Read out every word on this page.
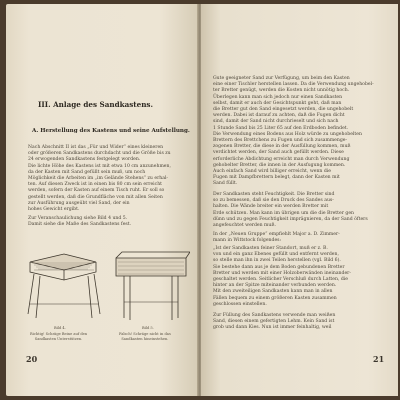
III. Anlage des Sandkastens.
A. Herstellung des Kastens und seine Aufstellung.
Nach Abschnitt II ist das „Für und Wider“ eines kleineren
oder größeren Sandkastens durchdacht und die Größe bis zu
24 erwogenden Sandkastens festgelegt worden.
Die lichte Höhe des Kastens ist mit etwa 10 cm anzunehmen,
da der Kasten mit Sand gefüllt sein muß, um noch
Möglichkeit die Arbeiten im „im Gelände Stehens“ zu erhal-
ten. Auf diesen Zweck ist in einen bis 80 cm sein erreicht
werden, sofern der Kasten auf einem Tisch ruht. Er soll so
gestellt werden, daß die Grundfläche von mit allen Seiten
zur Ausführung ausgeübt viel Sand, der ein
hohes Gewicht ergibt.
Zur Veranschaulichung siehe Bild 4 und 5.
Damit siehe die Maße des Sandkastens fest.
Bild 4.
Richtig! Schräge Beine auf den
Sandkasten Unterstützen.
Bild 5.
Falsch! Schräge nicht in das
Sandkasten hineinstehen.
20
Gute geeigneter Sand zur Verfügung, um beim den Kasten
eine einer Tischler herstellen lassen. Da die Verwendung ungehobel-
ter Bretter genügt, werden die Kosten nicht unnötig hoch.
Überlegen kann man sich jedoch nur einen Sandkasten
selbst, damit er auch der Gesichtspunkt geht, daß man
die Bretter gut den Sand eingesetzt werden, die ungehobelt
werden. Dabei ist darauf zu achten, daß die Fugen dicht
sind, damit der Sand nicht durchrieselt und sich nach
1 Stunde Sand bis 25 Liter 65 auf den Erdboden befindet.
Die Verwendung eines Bodens aus Holz würde zu ungehobelten
Brettern des Brettchens zu Fugen und sich zusammenge-
zogenen Bretter, die diese in der Ausfüllung kommen, muß
verdichtet werden, der Sand auch gefüllt werden. Diese
erforderliche Abdichtung erreicht man durch Verwendung
gehobelter Bretter, die innen in der Ausfugung kommen.
Auch einfach Sand wird billiger erreicht, wenn die
Fugen mit Dampfbrettern belegt, dann der Kasten mit
Sand füllt.
Der Sandkasten steht Feuchtigkeit. Die Bretter sind
so zu bemessen, daß sie den Druck des Sandes aus-
halten. Die Wände breiter ein werden Bretter mit
Erde schützen. Man kann im übrigen um die die Bretter gen
dünn und zu gegen Feuchtigkeit imprägnieren, da der Sand öfters
angefeuchtet werden muß.
In der „Neuen Gruppe“ empfiehlt Major a. D. Zimmer-
mann in Wittstock folgendes:
„Ist der Sandkasten feiner Standort, muß er z. B.
von und ein ganz Ebenes gefüllt und entfernt werden,
so stelle man ihn in zwei Teilen herstellen (vgl. Bild 6).
Sie bestehe dann aus je dem Boden gebundenen Bretter
Bretter und werden mit einer Holzoberwänden ineinander-
geschaltet werden. Seitlicher Verschluß durch Latten, die
hinter an der Spitze miteinander verbunden werden.
Mit den zweiteiligen Sandkasten kann man in allen
Fällen bequem zu einem größeren Kasten zusammen
geschlossen einstellen.
Zur Füllung des Sandkastens verwende man weißen
Sand, diesen einem gefertigten Lehm. Kein Sand ist
grob und dann Kies. Nun ist immer feinhaltig, weil
21
